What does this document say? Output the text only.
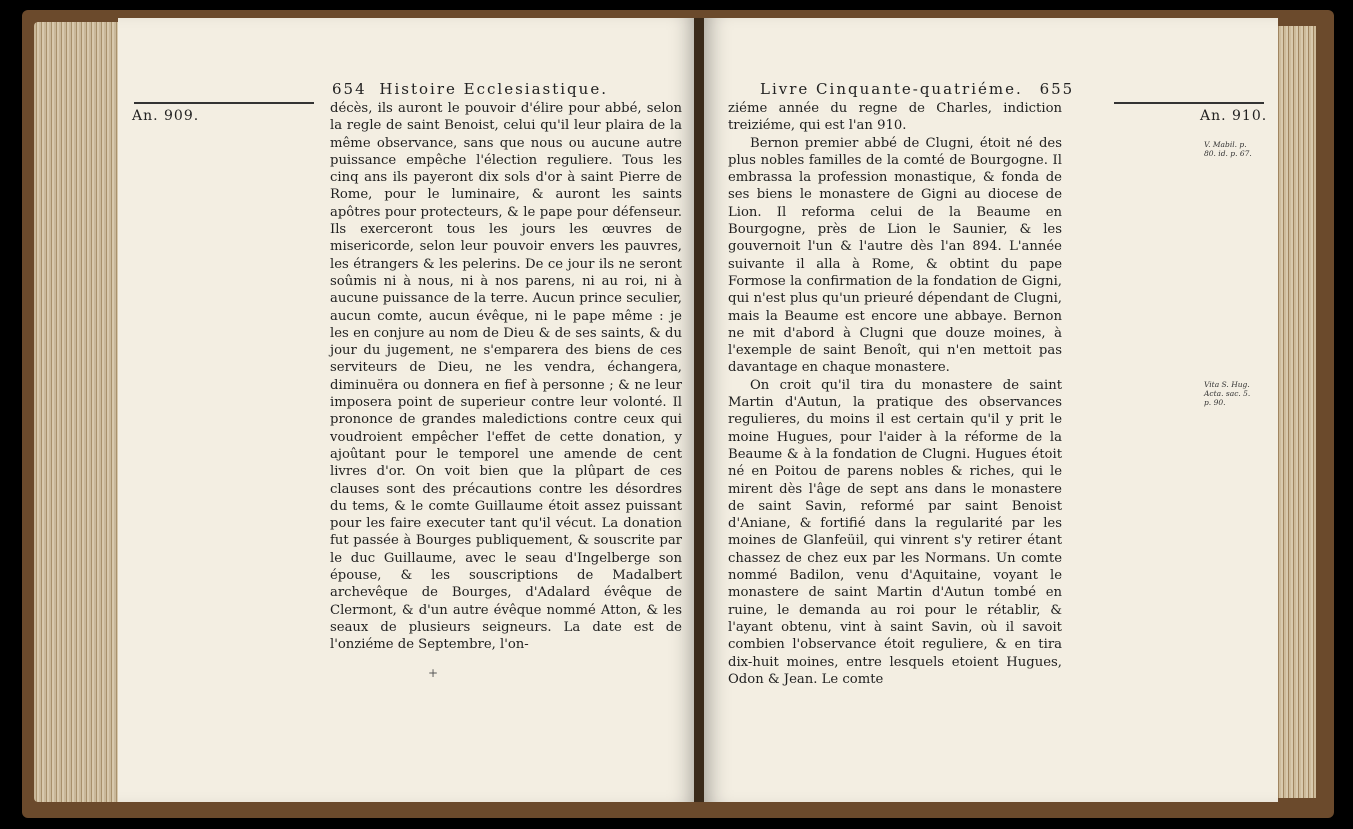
654 Histoire Ecclesiastique.
An. 909.	décès, ils auront le pouvoir d'élire pour abbé, selon la regle de saint Benoist, celui qu'il leur plaira de la même observance, sans que nous ou aucune autre puissance empêche l'élection reguliere. Tous les cinq ans ils payeront dix sols d'or à saint Pierre de Rome, pour le luminaire, & auront les saints apôtres pour protecteurs, & le pape pour défenseur. Ils exerceront tous les jours les œuvres de misericorde, selon leur pouvoir envers les pauvres, les étrangers & les pelerins. De ce jour ils ne seront soûmis ni à nous, ni à nos parens, ni au roi, ni à aucune puissance de la terre. Aucun prince seculier, aucun comte, aucun évêque, ni le pape même : je les en conjure au nom de Dieu & de ses saints, & du jour du jugement, ne s'emparera des biens de ces serviteurs de Dieu, ne les vendra, échangera, diminuëra ou donnera en fief à personne ; & ne leur imposera point de superieur contre leur volonté. Il prononce de grandes maledictions contre ceux qui voudroient empêcher l'effet de cette donation, y ajoûtant pour le temporel une amende de cent livres d'or. On voit bien que la plûpart de ces clauses sont des précautions contre les désordres du tems, & le comte Guillaume étoit assez puissant pour les faire executer tant qu'il vécut. La donation fut passée à Bourges publiquement, & souscrite par le duc Guillaume, avec le seau d'Ingelberge son épouse, & les souscriptions de Madalbert archevêque de Bourges, d'Adalard évêque de Clermont, & d'un autre évêque nommé Atton, & les seaux de plusieurs seigneurs. La date est de l'onziéme de Septembre, l'on-

+
Livre Cinquante-quatriéme. 655
An. 910.

ziéme année du regne de Charles, indiction treiziéme, qui est l'an 910.

Bernon premier abbé de Clugni, étoit né des plus nobles familles de la comté de Bourgogne. Il embrassa la profession monastique, & fonda de ses biens le monastere de Gigni au diocese de Lion. Il reforma celui de la Beaume en Bourgogne, près de Lion le Saunier, & les gouvernoit l'un & l'autre dès l'an 894. L'année suivante il alla à Rome, & obtint du pape Formose la confirmation de la fondation de Gigni, qui n'est plus qu'un prieuré dépendant de Clugni, mais la Beaume est encore une abbaye. Bernon ne mit d'abord à Clugni que douze moines, à l'exemple de saint Benoît, qui n'en mettoit pas davantage en chaque monastere.

On croit qu'il tira du monastere de saint Martin d'Autun, la pratique des observances regulieres, du moins il est certain qu'il y prit le moine Hugues, pour l'aider à la réforme de la Beaume & à la fondation de Clugni. Hugues étoit né en Poitou de parens nobles & riches, qui le mirent dès l'âge de sept ans dans le monastere de saint Savin, reformé par saint Benoist d'Aniane, & fortifié dans la regularité par les moines de Glanfeüil, qui vinrent s'y retirer étant chassez de chez eux par les Normans. Un comte nommé Badilon, venu d'Aquitaine, voyant le monastere de saint Martin d'Autun tombé en ruine, le demanda au roi pour le rétablir, & l'ayant obtenu, vint à saint Savin, où il savoit combien l'observance étoit reguliere, & en tira dix-huit moines, entre lesquels etoient Hugues, Odon & Jean. Le comte

V. Mabil. p. 80. id. p. 67.
Vita S. Hug. Acta. sac. 5. p. 90.
